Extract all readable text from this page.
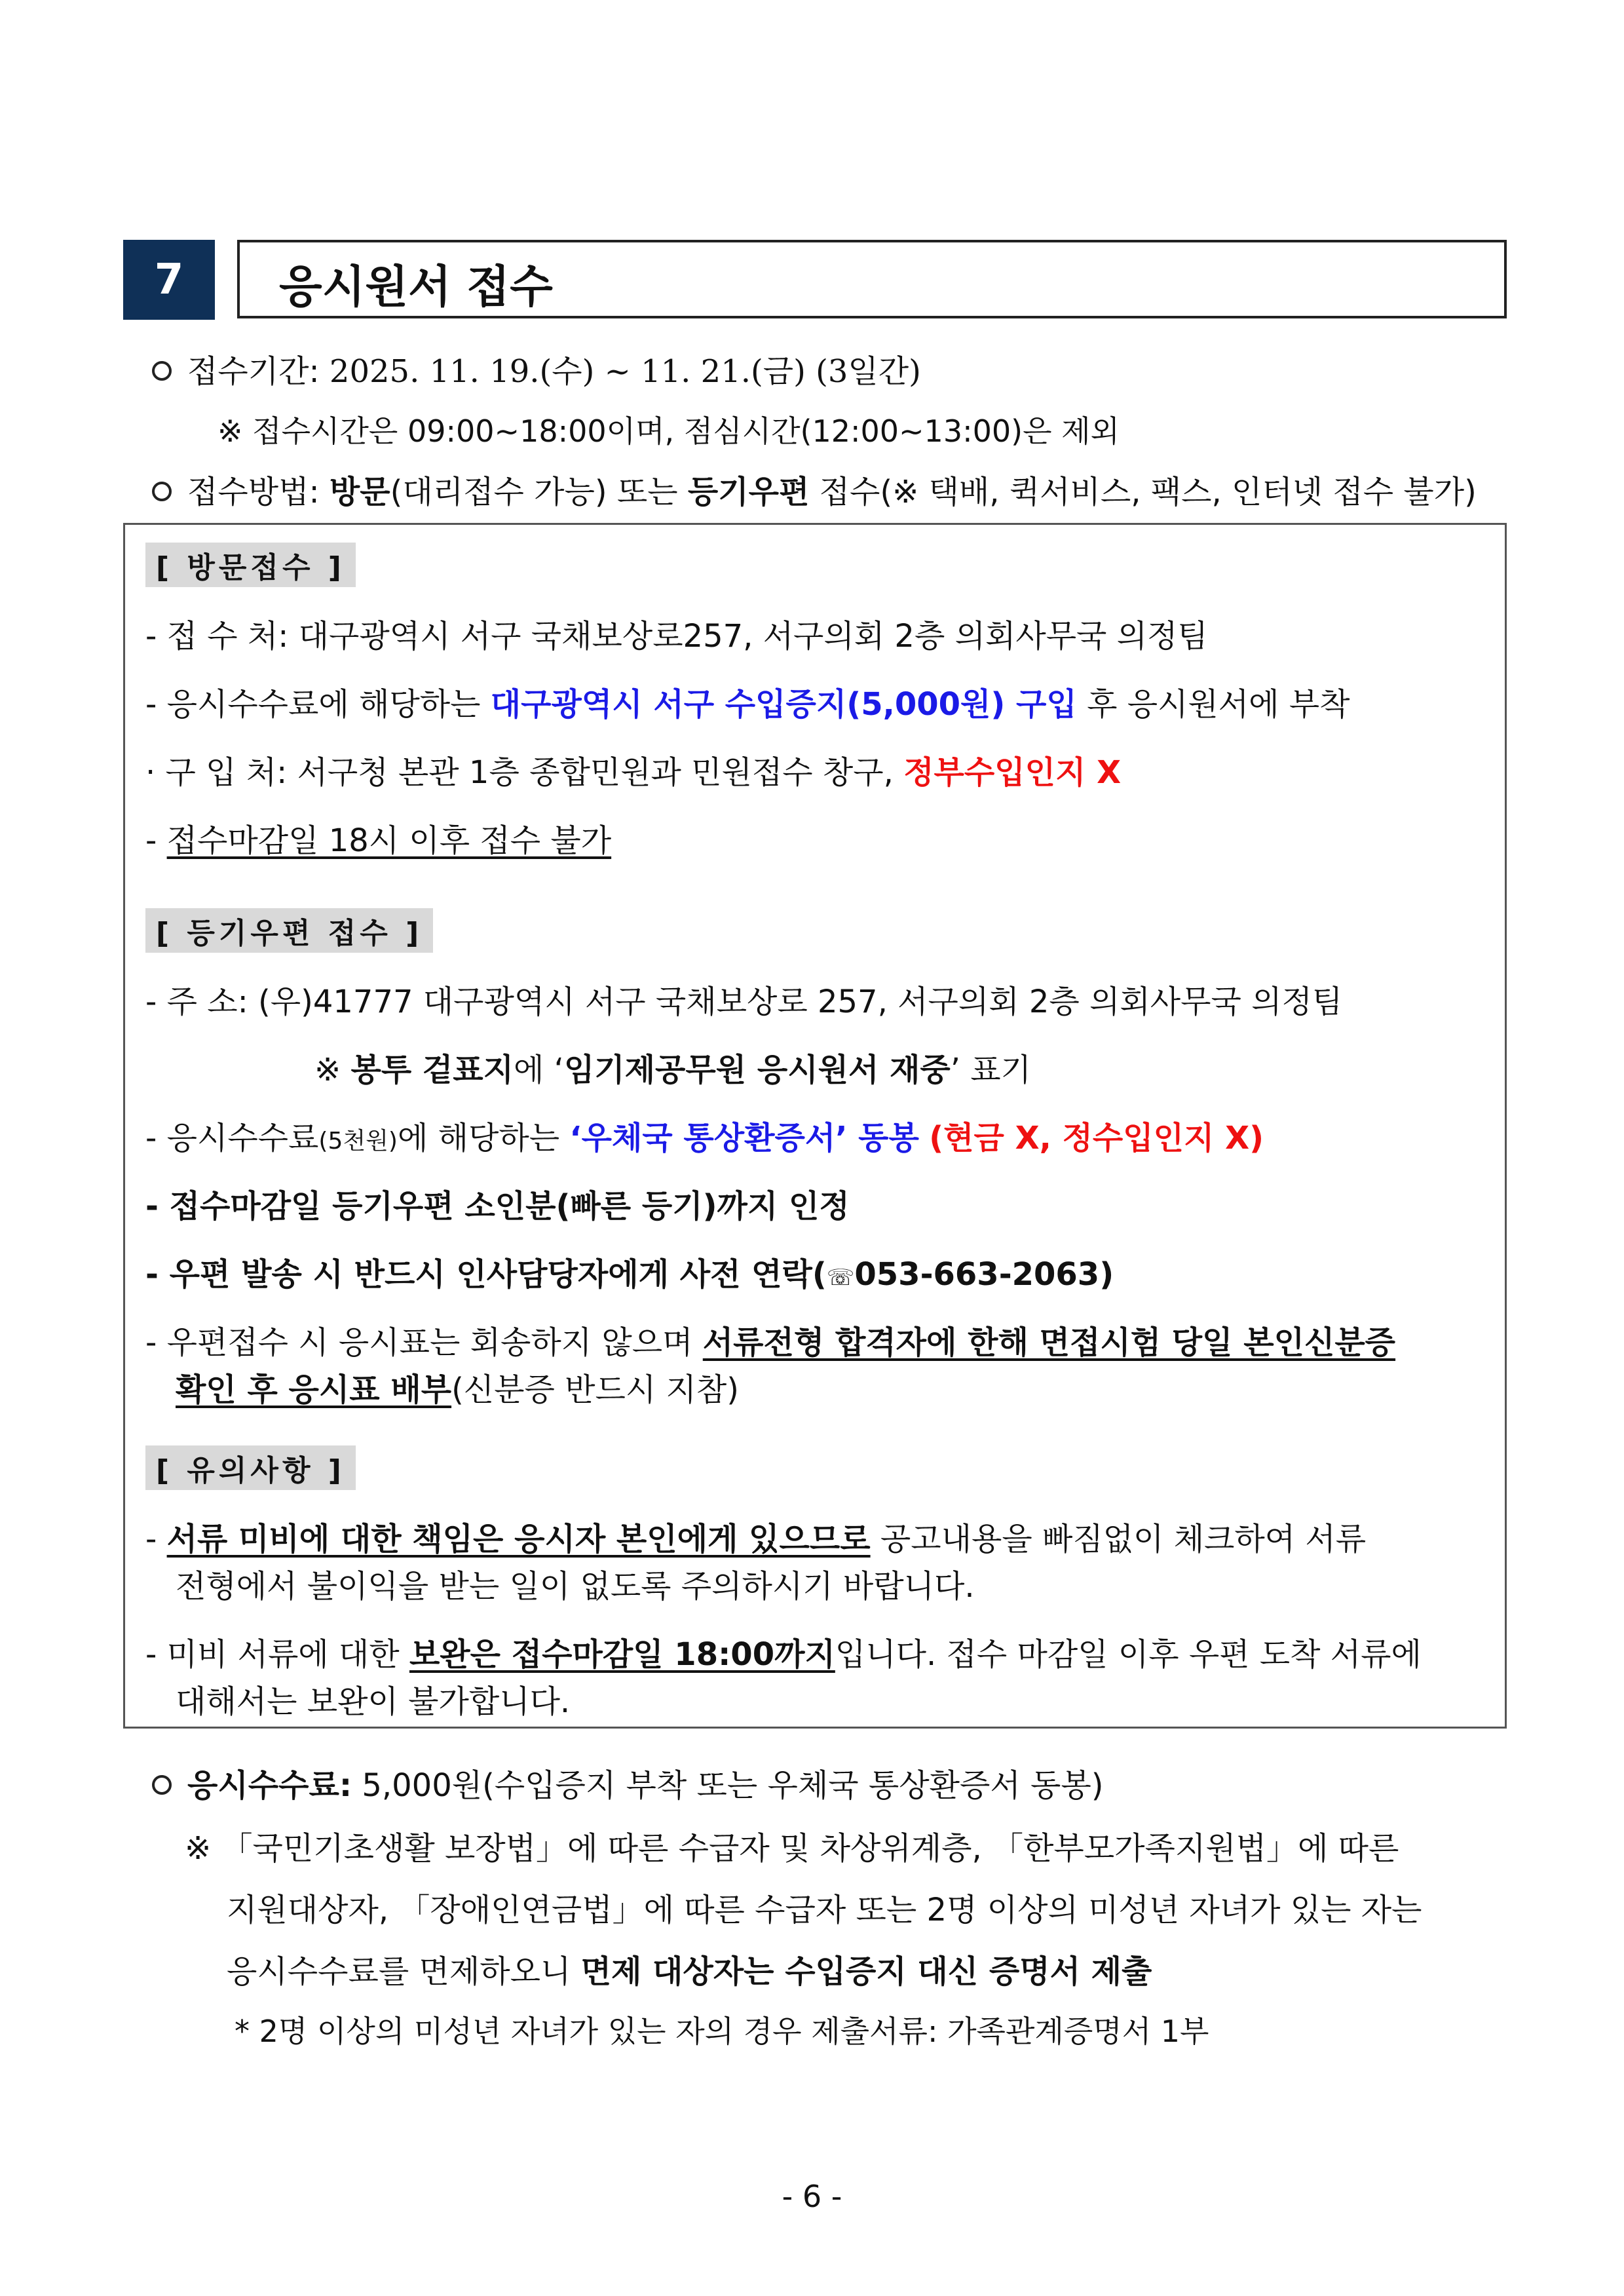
7 응시원서 접수
접수기간: 2025. 11. 19.(수) ~ 11. 21.(금) (3일간)
※ 접수시간은 09:00~18:00이며, 점심시간(12:00~13:00)은 제외
접수방법: 방문(대리접수 가능) 또는 등기우편 접수(※ 택배, 퀵서비스, 팩스, 인터넷 접수 불가)
[ 방문접수 ]
- 접 수 처: 대구광역시 서구 국채보상로257, 서구의회 2층 의회사무국 의정팀
- 응시수수료에 해당하는 대구광역시 서구 수입증지(5,000원) 구입 후 응시원서에 부착
· 구 입 처: 서구청 본관 1층 종합민원과 민원접수 창구, 정부수입인지 X
- 접수마감일 18시 이후 접수 불가
[ 등기우편 접수 ]
- 주 소: (우)41777 대구광역시 서구 국채보상로 257, 서구의회 2층 의회사무국 의정팀
※ 봉투 겉표지에 ‘임기제공무원 응시원서 재중’ 표기
- 응시수수료(5천원)에 해당하는 ‘우체국 통상환증서’ 동봉 (현금 X, 정수입인지 X)
- 접수마감일 등기우편 소인분(빠른 등기)까지 인정
- 우편 발송 시 반드시 인사담당자에게 사전 연락(☏053-663-2063)
- 우편접수 시 응시표는 회송하지 않으며 서류전형 합격자에 한해 면접시험 당일 본인신분증
확인 후 응시표 배부(신분증 반드시 지참)
[ 유의사항 ]
- 서류 미비에 대한 책임은 응시자 본인에게 있으므로 공고내용을 빠짐없이 체크하여 서류
전형에서 불이익을 받는 일이 없도록 주의하시기 바랍니다.
- 미비 서류에 대한 보완은 접수마감일 18:00까지입니다. 접수 마감일 이후 우편 도착 서류에
대해서는 보완이 불가합니다.
응시수수료: 5,000원(수입증지 부착 또는 우체국 통상환증서 동봉)
※ 「국민기초생활 보장법」에 따른 수급자 및 차상위계층, 「한부모가족지원법」에 따른
지원대상자, 「장애인연금법」에 따른 수급자 또는 2명 이상의 미성년 자녀가 있는 자는
응시수수료를 면제하오니 면제 대상자는 수입증지 대신 증명서 제출
* 2명 이상의 미성년 자녀가 있는 자의 경우 제출서류: 가족관계증명서 1부
- 6 -
